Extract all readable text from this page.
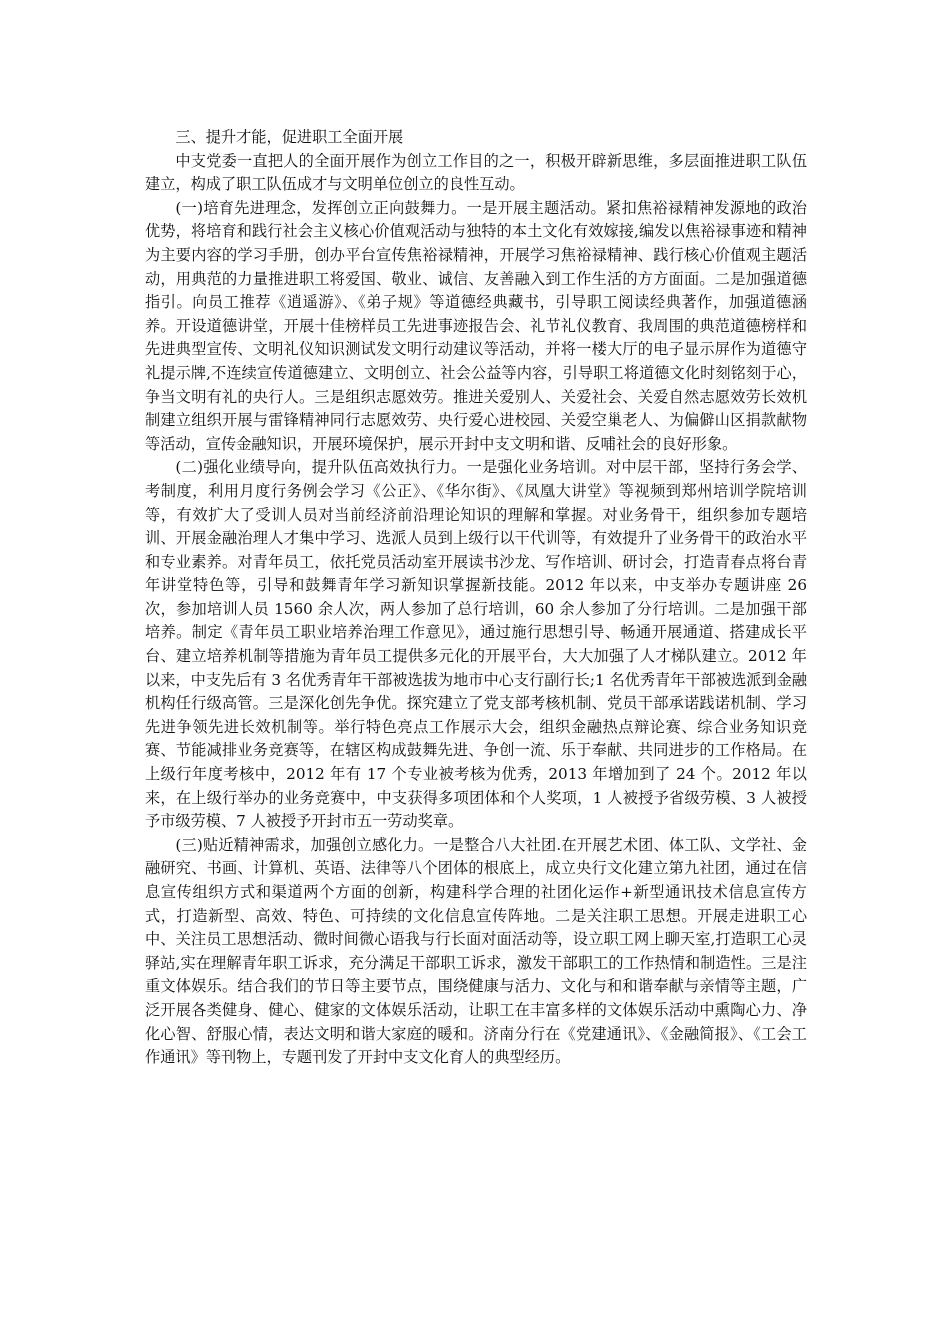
三、提升才能，促进职工全面开展

中支党委一直把人的全面开展作为创立工作目的之一，积极开辟新思维，多层面推进职工队伍建立，构成了职工队伍成才与文明单位创立的良性互动。

(一)培育先进理念，发挥创立正向鼓舞力。一是开展主题活动。紧扣焦裕禄精神发源地的政治优势，将培育和践行社会主义核心价值观活动与独特的本土文化有效嫁接,编发以焦裕禄事迹和精神为主要内容的学习手册，创办平台宣传焦裕禄精神，开展学习焦裕禄精神、践行核心价值观主题活动，用典范的力量推进职工将爱国、敬业、诚信、友善融入到工作生活的方方面面。二是加强道德指引。向员工推荐《逍遥游》、《弟子规》等道德经典藏书，引导职工阅读经典著作，加强道德涵养。开设道德讲堂，开展十佳榜样员工先进事迹报告会、礼节礼仪教育、我周围的典范道德榜样和先进典型宣传、文明礼仪知识测试发文明行动建议等活动，并将一楼大厅的电子显示屏作为道德守礼提示牌,不连续宣传道德建立、文明创立、社会公益等内容，引导职工将道德文化时刻铭刻于心，争当文明有礼的央行人。三是组织志愿效劳。推进关爱别人、关爱社会、关爱自然志愿效劳长效机制建立组织开展与雷锋精神同行志愿效劳、央行爱心进校园、关爱空巢老人、为偏僻山区捐款献物等活动，宣传金融知识，开展环境保护，展示开封中支文明和谐、反哺社会的良好形象。

(二)强化业绩导向，提升队伍高效执行力。一是强化业务培训。对中层干部，坚持行务会学、考制度，利用月度行务例会学习《公正》、《华尔街》、《凤凰大讲堂》等视频到郑州培训学院培训等，有效扩大了受训人员对当前经济前沿理论知识的理解和掌握。对业务骨干，组织参加专题培训、开展金融治理人才集中学习、选派人员到上级行以干代训等，有效提升了业务骨干的政治水平和专业素养。对青年员工，依托党员活动室开展读书沙龙、写作培训、研讨会，打造青春点将台青年讲堂特色等，引导和鼓舞青年学习新知识掌握新技能。2012 年以来，中支举办专题讲座 26 次，参加培训人员 1560 余人次，两人参加了总行培训，60 余人参加了分行培训。二是加强干部培养。制定《青年员工职业培养治理工作意见》，通过施行思想引导、畅通开展通道、搭建成长平台、建立培养机制等措施为青年员工提供多元化的开展平台，大大加强了人才梯队建立。2012 年以来，中支先后有 3 名优秀青年干部被选拔为地市中心支行副行长;1 名优秀青年干部被选派到金融机构任行级高管。三是深化创先争优。探究建立了党支部考核机制、党员干部承诺践诺机制、学习先进争领先进长效机制等。举行特色亮点工作展示大会，组织金融热点辩论赛、综合业务知识竞赛、节能减排业务竞赛等，在辖区构成鼓舞先进、争创一流、乐于奉献、共同进步的工作格局。在上级行年度考核中，2012 年有 17 个专业被考核为优秀，2013 年增加到了 24 个。2012 年以来，在上级行举办的业务竞赛中，中支获得多项团体和个人奖项，1 人被授予省级劳模、3 人被授予市级劳模、7 人被授予开封市五一劳动奖章。

(三)贴近精神需求，加强创立感化力。一是整合八大社团.在开展艺术团、体工队、文学社、金融研究、书画、计算机、英语、法律等八个团体的根底上，成立央行文化建立第九社团，通过在信息宣传组织方式和渠道两个方面的创新，构建科学合理的社团化运作+新型通讯技术信息宣传方式，打造新型、高效、特色、可持续的文化信息宣传阵地。二是关注职工思想。开展走进职工心中、关注员工思想活动、微时间微心语我与行长面对面活动等，设立职工网上聊天室,打造职工心灵驿站,实在理解青年职工诉求，充分满足干部职工诉求，激发干部职工的工作热情和制造性。三是注重文体娱乐。结合我们的节日等主要节点，围绕健康与活力、文化与和和谐奉献与亲情等主题，广泛开展各类健身、健心、健家的文体娱乐活动，让职工在丰富多样的文体娱乐活动中熏陶心力、净化心智、舒服心情，表达文明和谐大家庭的暖和。济南分行在《党建通讯》、《金融简报》、《工会工作通讯》等刊物上，专题刊发了开封中支文化育人的典型经历。
